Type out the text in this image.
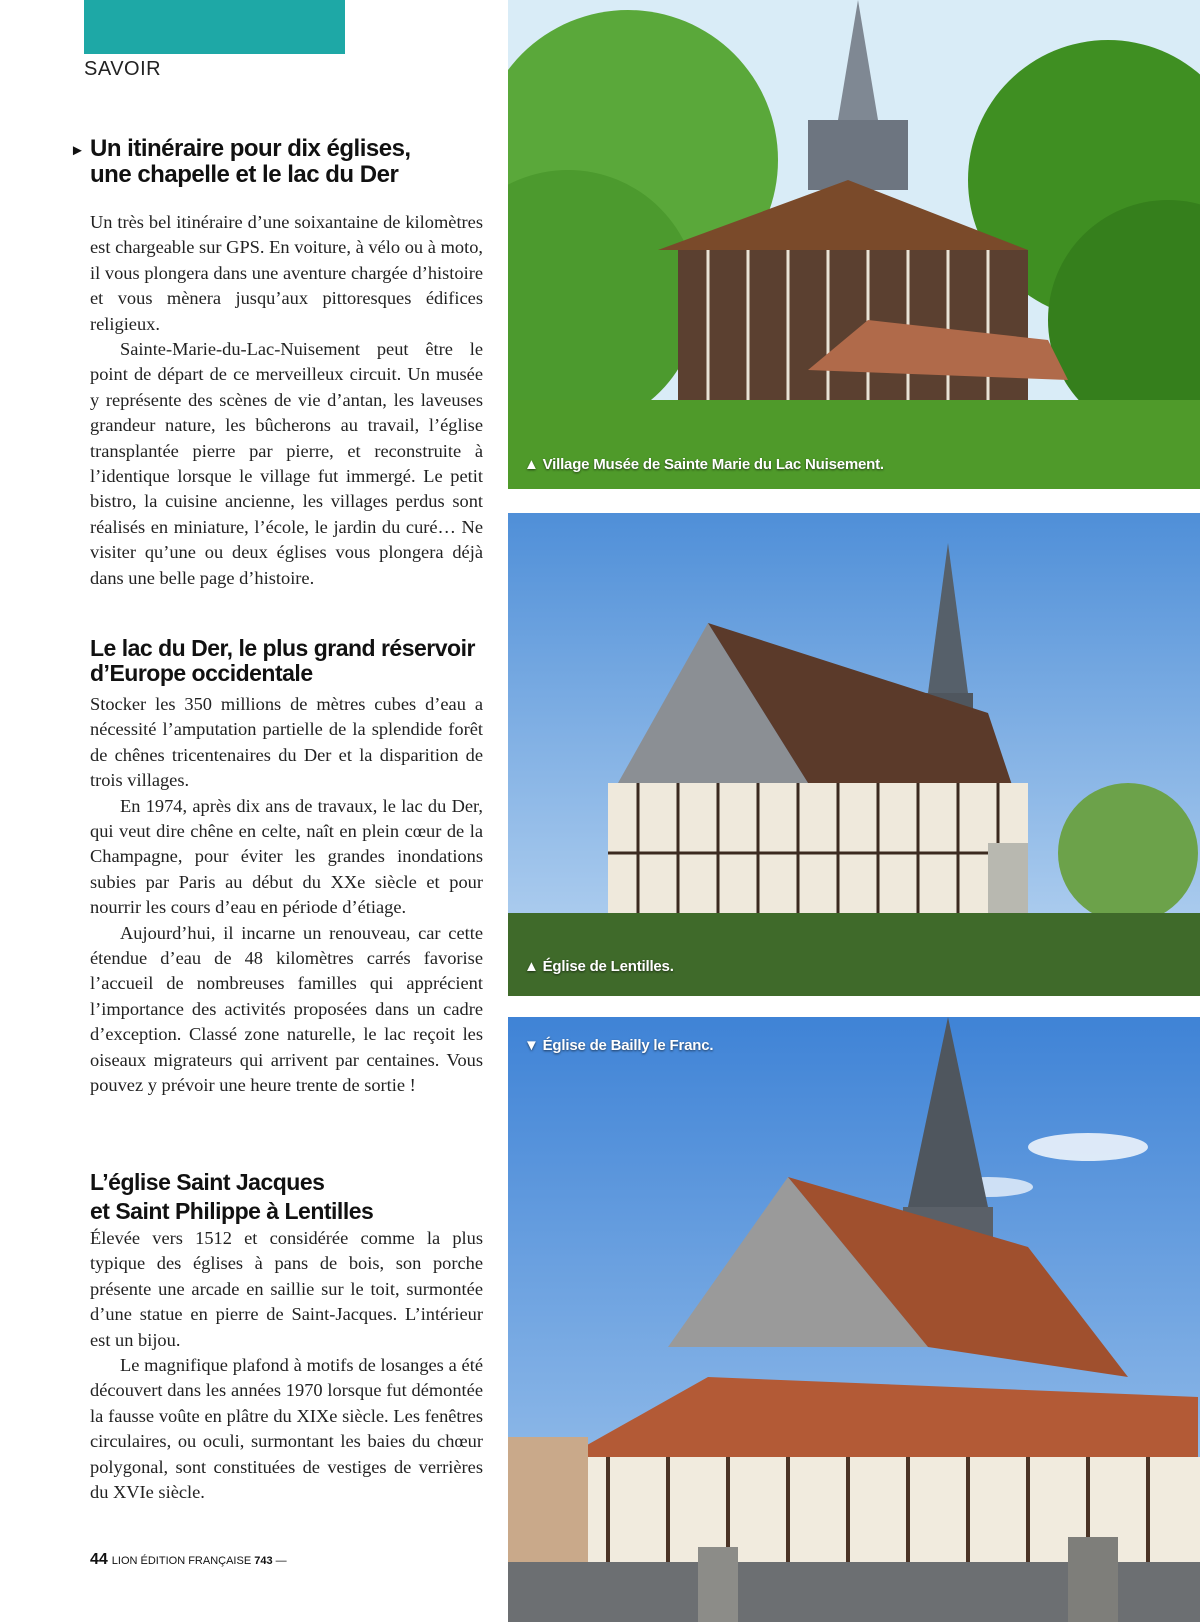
SAVOIR
► Un itinéraire pour dix églises,
une chapelle et le lac du Der

Un très bel itinéraire d’une soixantaine de kilomètres est chargeable sur GPS. En voiture, à vélo ou à moto, il vous plongera dans une aventure chargée d’histoire et vous mènera jusqu’aux pittoresques édifices religieux.

Sainte-Marie-du-Lac-Nuisement peut être le point de départ de ce merveilleux circuit. Un musée y représente des scènes de vie d’antan, les laveuses grandeur nature, les bûcherons au travail, l’église transplantée pierre par pierre, et reconstruite à l’identique lorsque le village fut immergé. Le petit bistro, la cuisine ancienne, les villages perdus sont réalisés en miniature, l’école, le jardin du curé… Ne visiter qu’une ou deux églises vous plongera déjà dans une belle page d’histoire.

Le lac du Der, le plus grand réservoir
d’Europe occidentale

Stocker les 350 millions de mètres cubes d’eau a nécessité l’amputation partielle de la splendide forêt de chênes tricentenaires du Der et la disparition de trois villages.

En 1974, après dix ans de travaux, le lac du Der, qui veut dire chêne en celte, naît en plein cœur de la Champagne, pour éviter les grandes inondations subies par Paris au début du XXe siècle et pour nourrir les cours d’eau en période d’étiage.

Aujourd’hui, il incarne un renouveau, car cette étendue d’eau de 48 kilomètres carrés favorise l’accueil de nombreuses familles qui apprécient l’importance des activités proposées dans un cadre d’exception. Classé zone naturelle, le lac reçoit les oiseaux migrateurs qui arrivent par centaines. Vous pouvez y prévoir une heure trente de sortie !

L’église Saint Jacques
et Saint Philippe à Lentilles

Élevée vers 1512 et considérée comme la plus typique des églises à pans de bois, son porche présente une arcade en saillie sur le toit, surmontée d’une statue en pierre de Saint-Jacques. L’intérieur est un bijou.

Le magnifique plafond à motifs de losanges a été découvert dans les années 1970 lorsque fut démontée la fausse voûte en plâtre du XIXe siècle. Les fenêtres circulaires, ou oculi, surmontant les baies du chœur polygonal, sont constituées de vestiges de verrières du XVIe siècle.

44 LION ÉDITION FRANÇAISE 743 —
▲ Village Musée de Sainte Marie du Lac Nuisement.
▲ Église de Lentilles.
▼ Église de Bailly le Franc.
